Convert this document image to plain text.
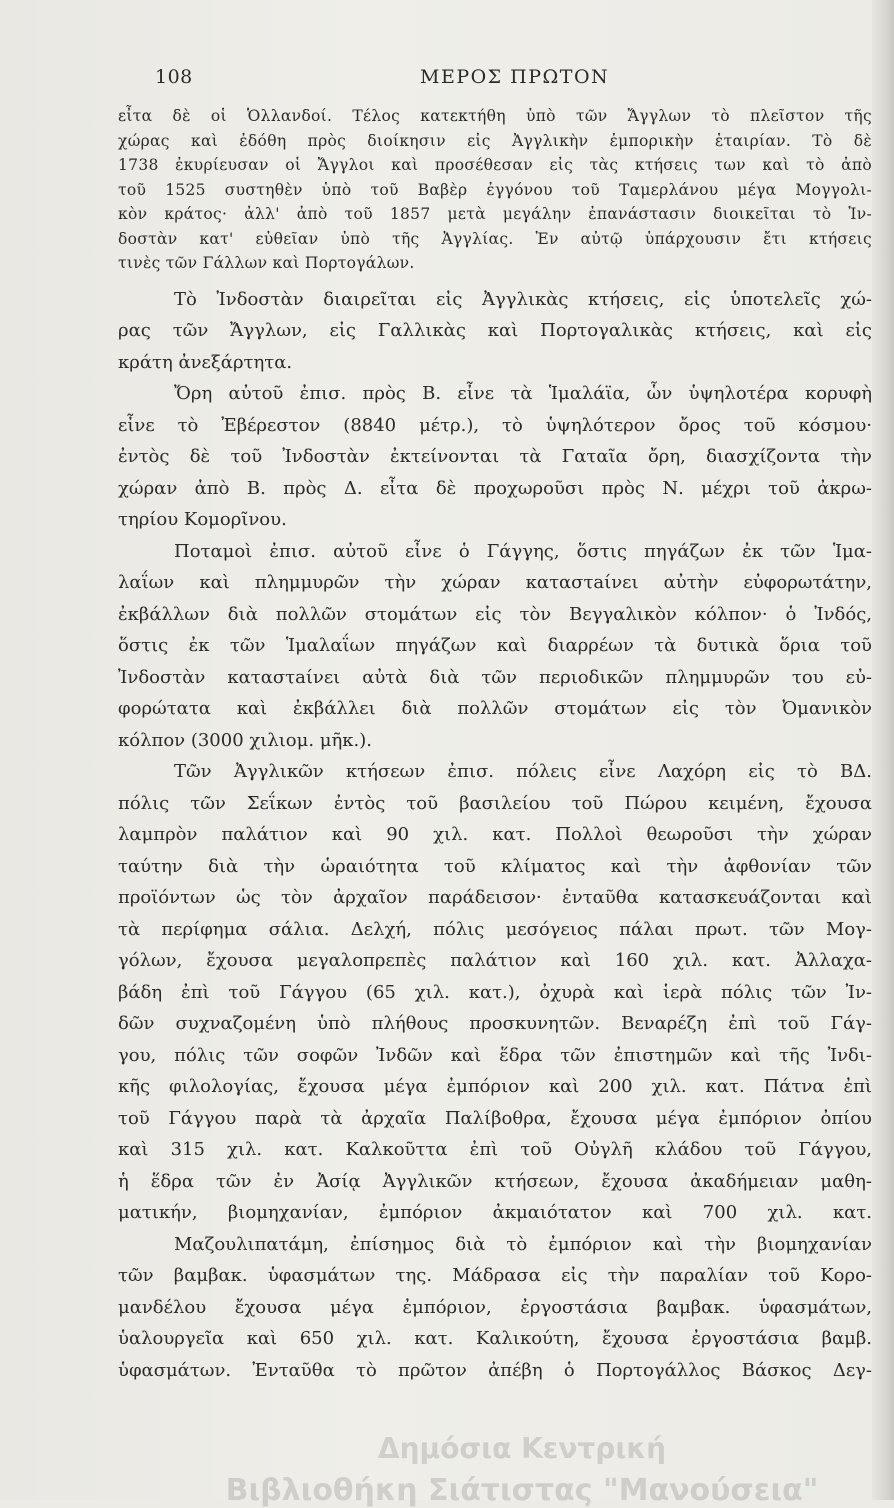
108	ΜΕΡΟΣ ΠΡΩΤΟΝ
εἶτα δὲ οἱ Ὁλλανδοί. Τέλος κατεκτήθη ὑπὸ τῶν Ἄγγλων τὸ πλεῖστον τῆς
χώρας καὶ ἐδόθη πρὸς διοίκησιν εἰς Ἀγγλικὴν ἐμπορικὴν ἑταιρίαν. Τὸ δὲ
1738 ἐκυρίευσαν οἱ Ἄγγλοι καὶ προσέθεσαν εἰς τὰς κτήσεις των καὶ τὸ ἀπὸ
τοῦ 1525 συστηθὲν ὑπὸ τοῦ Βαβὲρ ἐγγόνου τοῦ Ταμερλάνου μέγα Μογγολι-
κὸν κράτος· ἀλλ' ἀπὸ τοῦ 1857 μετὰ μεγάλην ἐπανάστασιν διοικεῖται τὸ Ἰν-
δοστὰν κατ' εὐθεῖαν ὑπὸ τῆς Ἀγγλίας. Ἐν αὐτῷ ὑπάρχουσιν ἔτι κτήσεις
τινὲς τῶν Γάλλων καὶ Πορτογάλων.
Τὸ Ἰνδοστὰν διαιρεῖται εἰς Ἀγγλικὰς κτήσεις, εἰς ὑποτελεῖς χώ-
ρας τῶν Ἄγγλων, εἰς Γαλλικὰς καὶ Πορτογαλικὰς κτήσεις, καὶ εἰς
κράτη ἀνεξάρτητα.
Ὄρη αὐτοῦ ἐπισ. πρὸς Β. εἶνε τὰ Ἱμαλάϊα, ὧν ὑψηλοτέρα κορυφὴ
εἶνε τὸ Ἐβέρεστον (8840 μέτρ.), τὸ ὑψηλότερον ὄρος τοῦ κόσμου·
ἐντὸς δὲ τοῦ Ἰνδοστὰν ἐκτείνονται τὰ Γαταῖα ὄρη, διασχίζοντα τὴν
χώραν ἀπὸ Β. πρὸς Δ. εἶτα δὲ προχωροῦσι πρὸς Ν. μέχρι τοῦ ἀκρω-
τηρίου Κομορῖνου.
Ποταμοὶ ἐπισ. αὐτοῦ εἶνε ὁ Γάγγης, ὅστις πηγάζων ἐκ τῶν Ἱμα-
λαΐων καὶ πλημμυρῶν τὴν χώραν καταστaίνει αὐτὴν εὐφορωτάτην,
ἐκβάλλων διὰ πολλῶν στομάτων εἰς τὸν Βεγγαλικὸν κόλπον· ὁ Ἰνδός,
ὅστις ἐκ τῶν Ἱμαλαΐων πηγάζων καὶ διαρρέων τὰ δυτικὰ ὅρια τοῦ
Ἰνδοστὰν καταστaίνει αὐτὰ διὰ τῶν περιοδικῶν πλημμυρῶν του εὐ-
φορώτατα καὶ ἐκβάλλει διὰ πολλῶν στομάτων εἰς τὸν Ὀμανικὸν
κόλπον (3000 χιλιομ. μῆκ.).
Τῶν Ἀγγλικῶν κτήσεων ἐπισ. πόλεις εἶνε Λαχόρη εἰς τὸ ΒΔ.
πόλις τῶν Σεΐκων ἐντὸς τοῦ βασιλείου τοῦ Πώρου κειμένη, ἔχουσα
λαμπρὸν παλάτιον καὶ 90 χιλ. κατ. Πολλοὶ θεωροῦσι τὴν χώραν
ταύτην διὰ τὴν ὡραιότητα τοῦ κλίματος καὶ τὴν ἀφθονίαν τῶν
προϊόντων ὡς τὸν ἀρχαῖον παράδεισον· ἐνταῦθα κατασκευάζονται καὶ
τὰ περίφημα σάλια. Δελχή, πόλις μεσόγειος πάλαι πρωτ. τῶν Μογ-
γόλων, ἔχουσα μεγαλοπρεπὲς παλάτιον καὶ 160 χιλ. κατ. Ἀλλαχα-
βάδη ἐπὶ τοῦ Γάγγου (65 χιλ. κατ.), ὀχυρὰ καὶ ἱερὰ πόλις τῶν Ἰν-
δῶν συχναζομένη ὑπὸ πλήθους προσκυνητῶν. Βεναρέζη ἐπὶ τοῦ Γάγ-
γου, πόλις τῶν σοφῶν Ἰνδῶν καὶ ἕδρα τῶν ἐπιστημῶν καὶ τῆς Ἰνδι-
κῆς φιλολογίας, ἔχουσα μέγα ἐμπόριον καὶ 200 χιλ. κατ. Πάτνα ἐπὶ
τοῦ Γάγγου παρὰ τὰ ἀρχαῖα Παλίβοθρα, ἔχουσα μέγα ἐμπόριον ὀπίου
καὶ 315 χιλ. κατ. Καλκοῦττα ἐπὶ τοῦ Οὐγλῆ κλάδου τοῦ Γάγγου,
ἡ ἕδρα τῶν ἐν Ἀσίᾳ Ἀγγλικῶν κτήσεων, ἔχουσα ἀκαδήμειαν μαθη-
ματικήν, βιομηχανίαν, ἐμπόριον ἀκμαιότατον καὶ 700 χιλ. κατ.
Μαζουλιπατάμη, ἐπίσημος διὰ τὸ ἐμπόριον καὶ τὴν βιομηχανίαν
τῶν βαμβακ. ὑφασμάτων της. Μάδρασα εἰς τὴν παραλίαν τοῦ Κορο-
μανδέλου ἔχουσα μέγα ἐμπόριον, ἐργοστάσια βαμβακ. ὑφασμάτων,
ὑαλουργεῖα καὶ 650 χιλ. κατ. Καλικούτη, ἔχουσα ἐργοστάσια βαμβ.
ὑφασμάτων. Ἐνταῦθα τὸ πρῶτον ἀπέβη ὁ Πορτογάλλος Βάσκος Δεγ-
Δημόσια Κεντρική
Βιβλιοθήκη Σιάτιστας "Μανούσεια"
